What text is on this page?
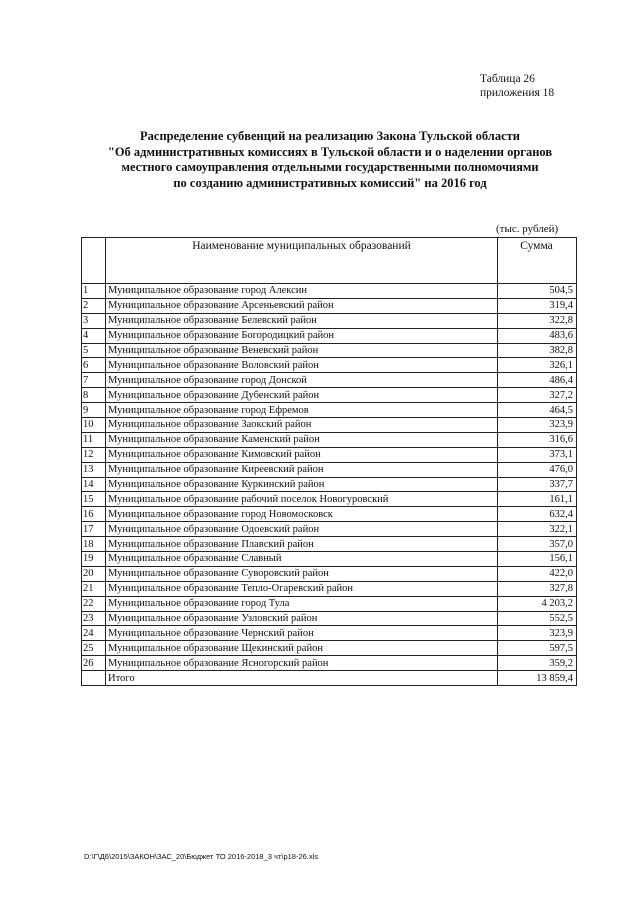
Таблица 26
приложения 18
Распределение субвенций на реализацию Закона Тульской области
"Об административных комиссиях в Тульской области и о наделении органов
местного самоуправления отдельными государственными полномочиями
по созданию административных комиссий" на 2016 год
(тыс. рублей)
	Наименование муниципальных образований	Сумма
1	Муниципальное образование город Алексин	504,5
2	Муниципальное образование Арсеньевский район	319,4
3	Муниципальное образование Белевский район	322,8
4	Муниципальное образование Богородицкий район	483,6
5	Муниципальное образование Веневский район	382,8
6	Муниципальное образование Воловский район	326,1
7	Муниципальное образование город Донской	486,4
8	Муниципальное образование Дубенский район	327,2
9	Муниципальное образование город Ефремов	464,5
10	Муниципальное образование Заокский район	323,9
11	Муниципальное образование Каменский район	316,6
12	Муниципальное образование Кимовский район	373,1
13	Муниципальное образование Киреевский район	476,0
14	Муниципальное образование Куркинский район	337,7
15	Муниципальное образование рабочий поселок Новогуровский	161,1
16	Муниципальное образование город Новомосковск	632,4
17	Муниципальное образование Одоевский район	322,1
18	Муниципальное образование Плавский район	357,0
19	Муниципальное образование Славный	156,1
20	Муниципальное образование Суворовский район	422,0
21	Муниципальное образование Тепло-Огаревский район	327,8
22	Муниципальное образование город Тула	4 203,2
23	Муниципальное образование Узловский район	552,5
24	Муниципальное образование Чернский район	323,9
25	Муниципальное образование Щекинский район	597,5
26	Муниципальное образование Ясногорский район	359,2
	Итого	13 859,4
D:\Г\Д6\2015\ЗАКОН\ЗАС_20\Бюджет ТО 2016-2018_3 чт\р18-26.xls
